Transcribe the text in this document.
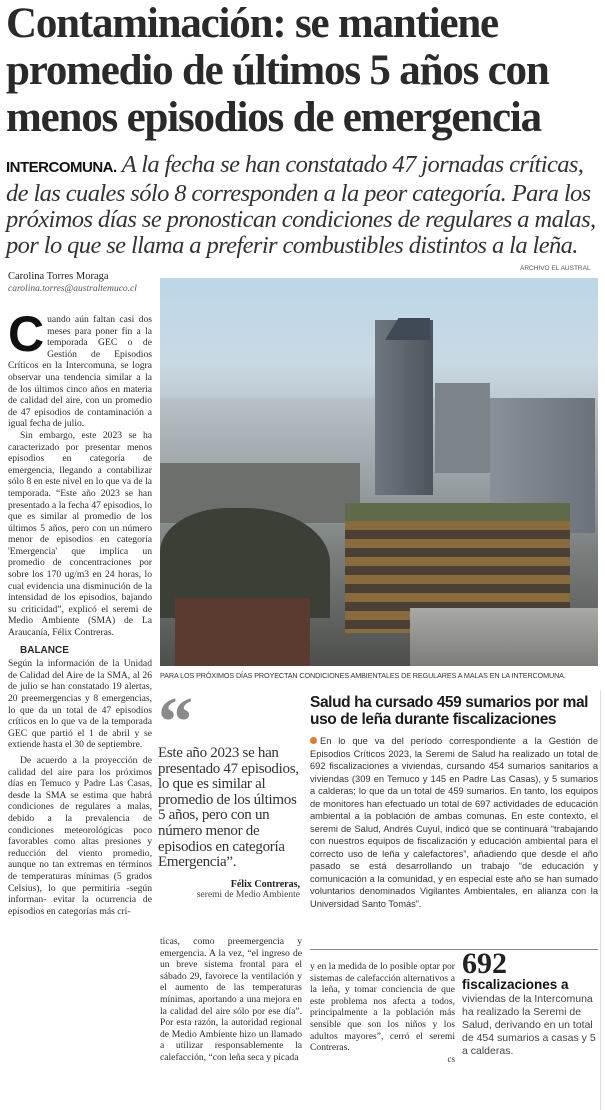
Contaminación: se mantiene promedio de últimos 5 años con menos episodios de emergencia
INTERCOMUNA. A la fecha se han constatado 47 jornadas críticas, de las cuales sólo 8 corresponden a la peor categoría. Para los próximos días se pronostican condiciones de regulares a malas, por lo que se llama a preferir combustibles distintos a la leña.
Carolina Torres Moraga
carolina.torres@australtemuco.cl
ARCHIVO EL AUSTRAL
PARA LOS PRÓXIMOS DÍAS PROYECTAN CONDICIONES AMBIENTALES DE REGULARES A MALAS EN LA INTERCOMUNA.

Cuando aún faltan casi dos meses para poner fin a la temporada GEC o de Gestión de Episodios Críticos en la Intercomuna, se logra observar una tendencia similar a la de los últimos cinco años en materia de calidad del aire, con un promedio de 47 episodios de contaminación a igual fecha de julio.

Sin embargo, este 2023 se ha caracterizado por presentar menos episodios en categoría de emergencia, llegando a contabilizar sólo 8 en este nivel en lo que va de la temporada. “Este año 2023 se han presentado a la fecha 47 episodios, lo que es similar al promedio de los últimos 5 años, pero con un número menor de episodios en categoría 'Emergencia' que implica un promedio de concentraciones por sobre los 170 ug/m3 en 24 horas, lo cual evidencia una disminución de la intensidad de los episodios, bajando su criticidad”, explicó el seremi de Medio Ambiente (SMA) de La Araucanía, Félix Contreras.

BALANCE

Según la información de la Unidad de Calidad del Aire de la SMA, al 26 de julio se han constatado 19 alertas, 20 preemergencias y 8 emergencias, lo que da un total de 47 episodios críticos en lo que va de la temporada GEC que partió el 1 de abril y se extiende hasta el 30 de septiembre.

De acuerdo a la proyección de calidad del aire para los próximos días en Temuco y Padre Las Casas, desde la SMA se estima que habrá condiciones de regulares a malas, debido a la prevalencia de condiciones meteorológicas poco favorables como altas presiones y reducción del viento promedio, aunque no tan extremas en términos de temperaturas mínimas (5 grados Celsius), lo que permitiría -según informan- evitar la ocurrencia de episodios en categorías más crí-

“
Este año 2023 se han presentado 47 episodios, lo que es similar al promedio de los últimos 5 años, pero con un número menor de episodios en categoría Emergencia”.
Félix Contreras,
seremi de Medio Ambiente
Salud ha cursado 459 sumarios por mal uso de leña durante fiscalizaciones
En lo que va del período correspondiente a la Gestión de Episodios Críticos 2023, la Seremi de Salud ha realizado un total de 692 fiscalizaciones a viviendas, cursando 454 sumarios sanitarios a viviendas (309 en Temuco y 145 en Padre Las Casas), y 5 sumarios a calderas; lo que da un total de 459 sumarios. En tanto, los equipos de monitores han efectuado un total de 697 actividades de educación ambiental a la población de ambas comunas. En este contexto, el seremi de Salud, Andrés Cuyul, indicó que se continuará “trabajando con nuestros equipos de fiscalización y educación ambiental para el correcto uso de leña y calefactores”, añadiendo que desde el año pasado se está desarrollando un trabajo “de educación y comunicación a la comunidad, y en especial este año se han sumado voluntarios denominados Vigilantes Ambientales, en alianza con la Universidad Santo Tomás”.

ticas, como preemergencia y emergencia. A la vez, “el ingreso de un breve sistema frontal para el sábado 29, favorece la ventilación y el aumento de las temperaturas mínimas, aportando a una mejora en la calidad del aire sólo por ese día”. Por esta razón, la autoridad regional de Medio Ambiente hizo un llamado a utilizar responsablemente la calefacción, “con leña seca y picada

y en la medida de lo posible optar por sistemas de calefacción alternativos a la leña, y tomar conciencia de que este problema nos afecta a todos, principalmente a la población más sensible que son los niños y los adultos mayores”, cerró el seremi Contreras.

cs
692
fiscalizaciones a viviendas de la Intercomuna ha realizado la Seremi de Salud, derivando en un total de 454 sumarios a casas y 5 a calderas.
